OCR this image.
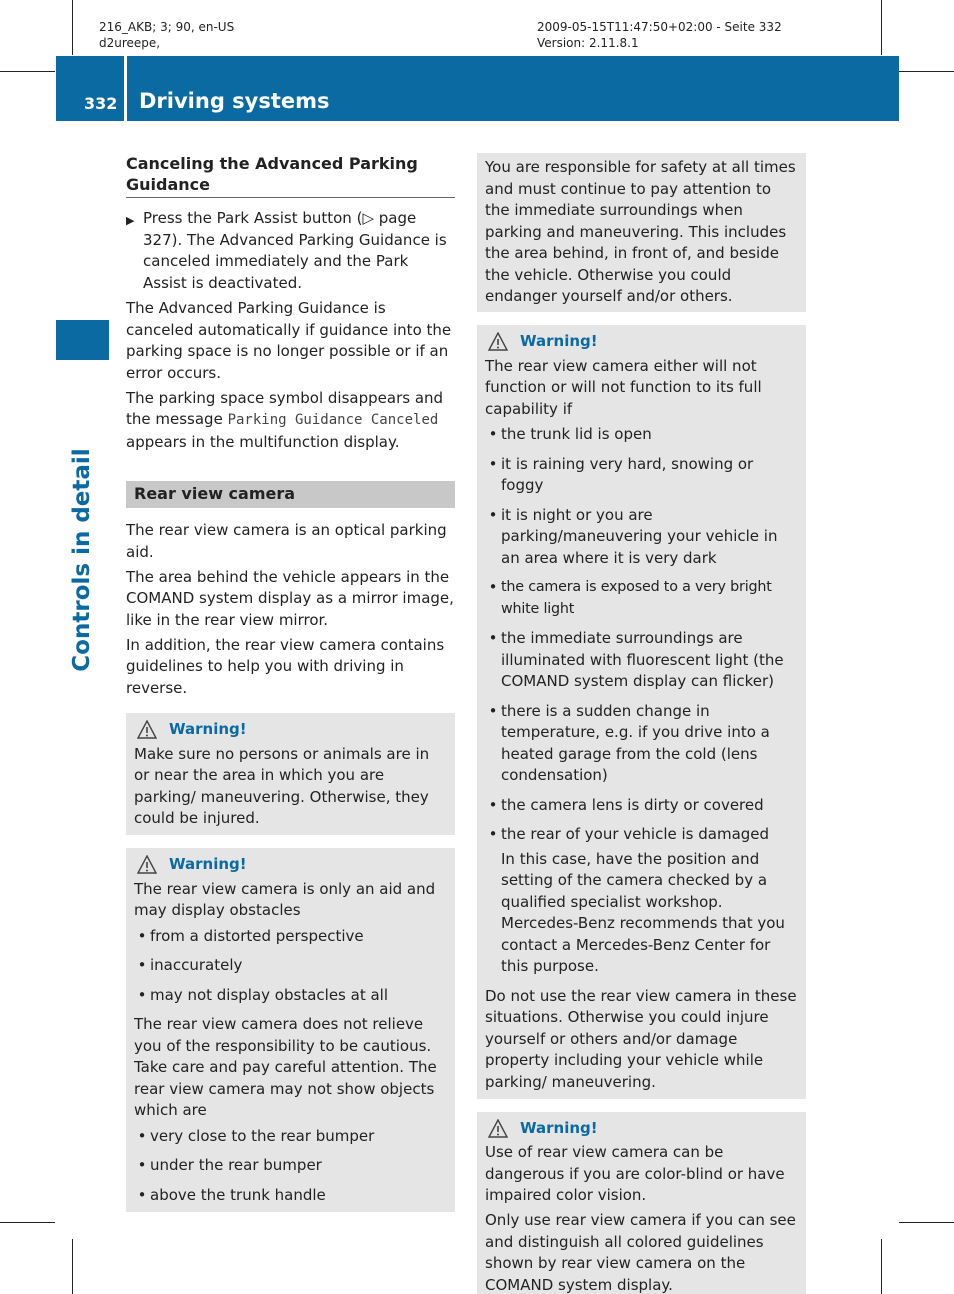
216_AKB; 3; 90, en-US
d2ureepe,
2009-05-15T11:47:50+02:00 - Seite 332
Version: 2.11.8.1
332 Driving systems
Controls in detail
Canceling the Advanced Parking Guidance
▶ Press the Park Assist button (▷ page 327). The Advanced Parking Guidance is canceled immediately and the Park Assist is deactivated.

The Advanced Parking Guidance is canceled automatically if guidance into the parking space is no longer possible or if an error occurs.

The parking space symbol disappears and the message Parking Guidance Canceled appears in the multifunction display.

Rear view camera

The rear view camera is an optical parking aid.

The area behind the vehicle appears in the COMAND system display as a mirror image, like in the rear view mirror.

In addition, the rear view camera contains guidelines to help you with driving in reverse.

Warning!

Make sure no persons or animals are in or near the area in which you are parking/ maneuvering. Otherwise, they could be injured.

Warning!

The rear view camera is only an aid and may display obstacles

• from a distorted perspective
• inaccurately
• may not display obstacles at all

The rear view camera does not relieve you of the responsibility to be cautious. Take care and pay careful attention. The rear view camera may not show objects which are

• very close to the rear bumper
• under the rear bumper
• above the trunk handle

You are responsible for safety at all times and must continue to pay attention to the immediate surroundings when parking and maneuvering. This includes the area behind, in front of, and beside the vehicle. Otherwise you could endanger yourself and/or others.

Warning!

The rear view camera either will not function or will not function to its full capability if

• the trunk lid is open
• it is raining very hard, snowing or foggy
• it is night or you are parking/maneuvering your vehicle in an area where it is very dark
• the camera is exposed to a very bright white light
• the immediate surroundings are illuminated with fluorescent light (the COMAND system display can flicker)
• there is a sudden change in temperature, e.g. if you drive into a heated garage from the cold (lens condensation)
• the camera lens is dirty or covered
• the rear of your vehicle is damaged

In this case, have the position and setting of the camera checked by a qualified specialist workshop. Mercedes-Benz recommends that you contact a Mercedes-Benz Center for this purpose.

Do not use the rear view camera in these situations. Otherwise you could injure yourself or others and/or damage property including your vehicle while parking/ maneuvering.

Warning!

Use of rear view camera can be dangerous if you are color-blind or have impaired color vision.

Only use rear view camera if you can see and distinguish all colored guidelines shown by rear view camera on the COMAND system display.
